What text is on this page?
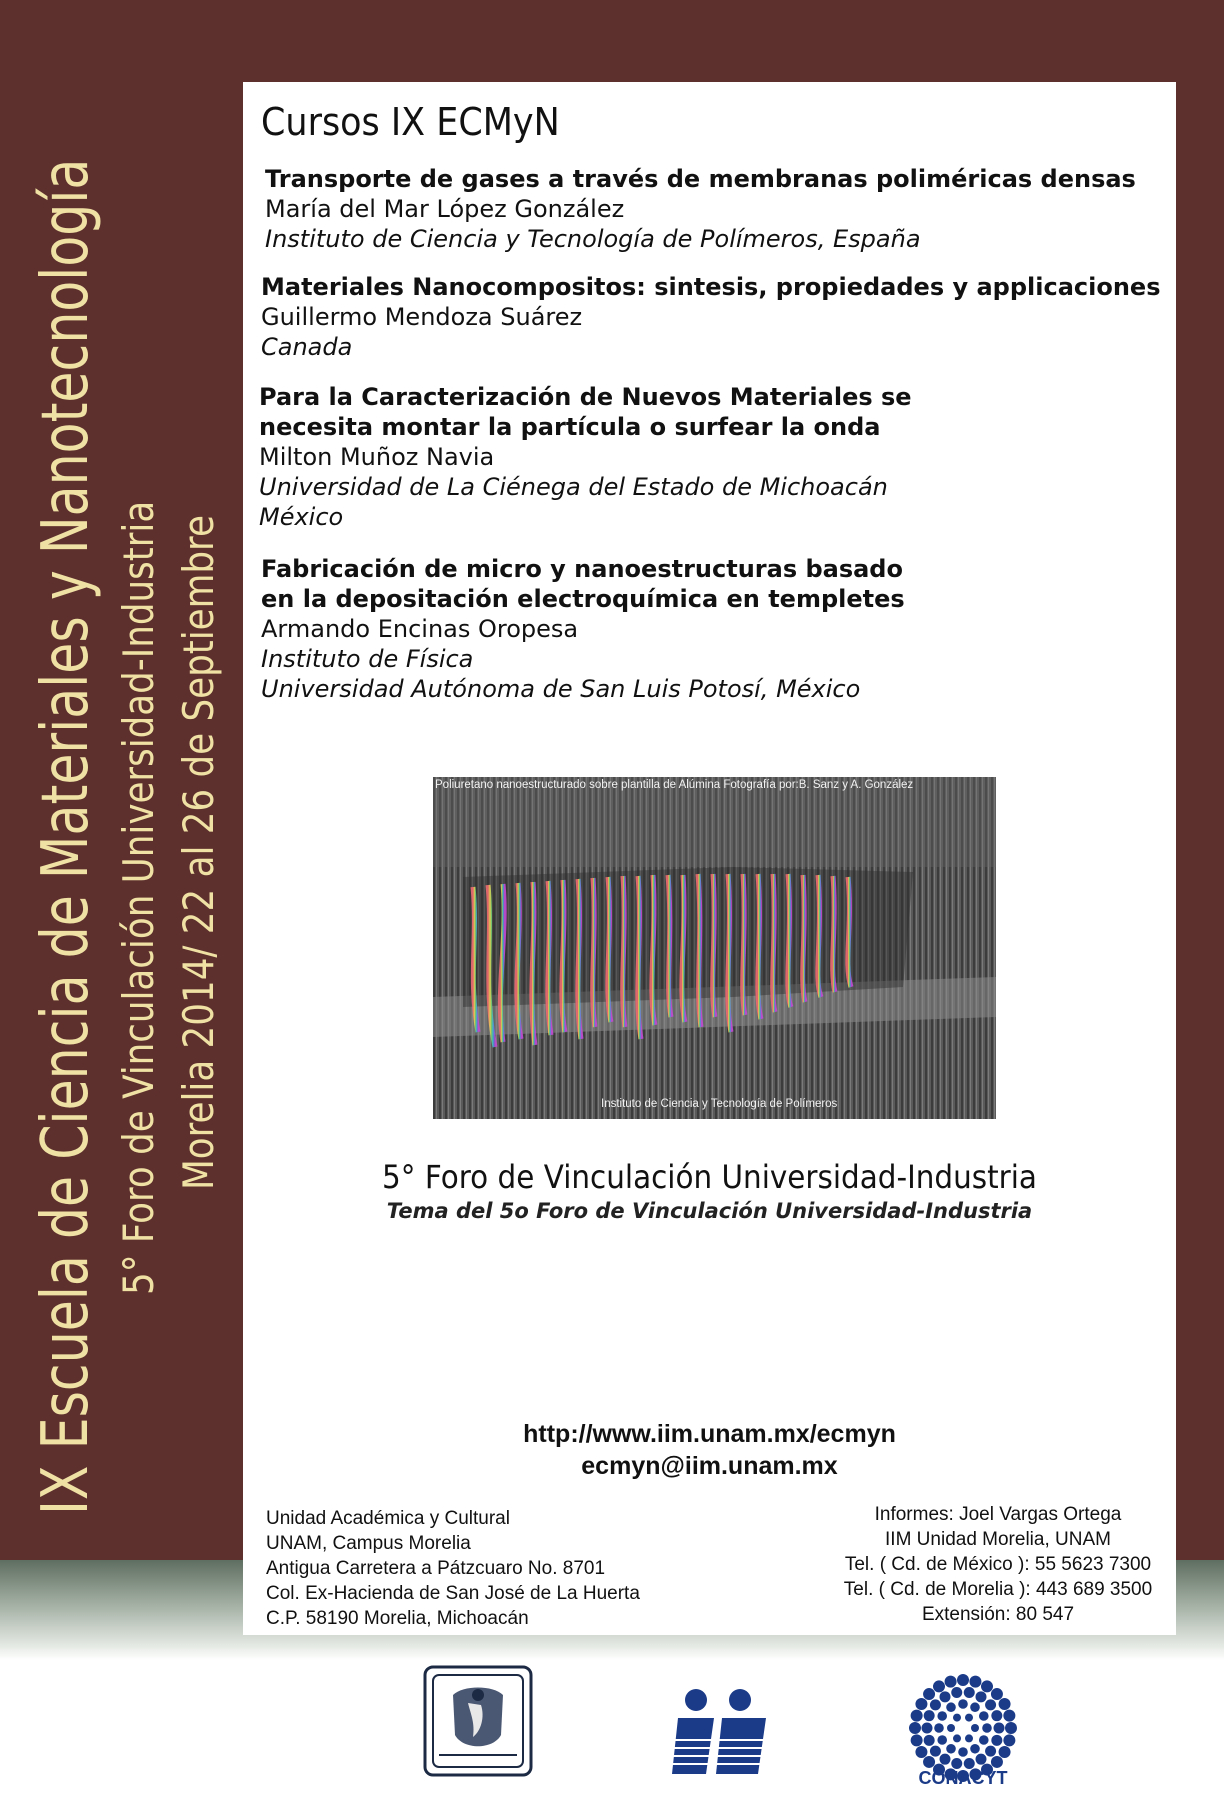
IX Escuela de Ciencia de Materiales y Nanotecnología 5° Foro de Vinculación Universidad-Industria Morelia 2014/ 22 al 26 de Septiembre
Cursos IX ECMyN
Transporte de gases a través de membranas poliméricas densas
María del Mar López González
Instituto de Ciencia y Tecnología de Polímeros, España
Materiales Nanocompositos: sintesis, propiedades y applicaciones
Guillermo Mendoza Suárez
Canada
Para la Caracterización de Nuevos Materiales se necesita montar la partícula o surfear la onda
Milton Muñoz Navia
Universidad de La Ciénega del Estado de Michoacán
México
Fabricación de micro y nanoestructuras basado en la depositación electroquímica en templetes
Armando Encinas Oropesa
Instituto de Física
Universidad Autónoma de San Luis Potosí, México
Poliuretano nanoestructurado sobre plantilla de Alúmina Fotografía por:B. Sanz y A. González
Instituto de Ciencia y Tecnología de Polímeros
5° Foro de Vinculación Universidad-Industria
Tema del 5o Foro de Vinculación Universidad-Industria
http://www.iim.unam.mx/ecmyn
ecmyn@iim.unam.mx
Unidad Académica y Cultural
UNAM, Campus Morelia
Antigua Carretera a Pátzcuaro No. 8701
Col. Ex-Hacienda de San José de La Huerta
C.P. 58190 Morelia, Michoacán
Informes: Joel Vargas Ortega
IIM Unidad Morelia, UNAM
Tel. ( Cd. de México ): 55 5623 7300
Tel. ( Cd. de Morelia ): 443 689 3500
Extensión: 80 547
CONACYT
